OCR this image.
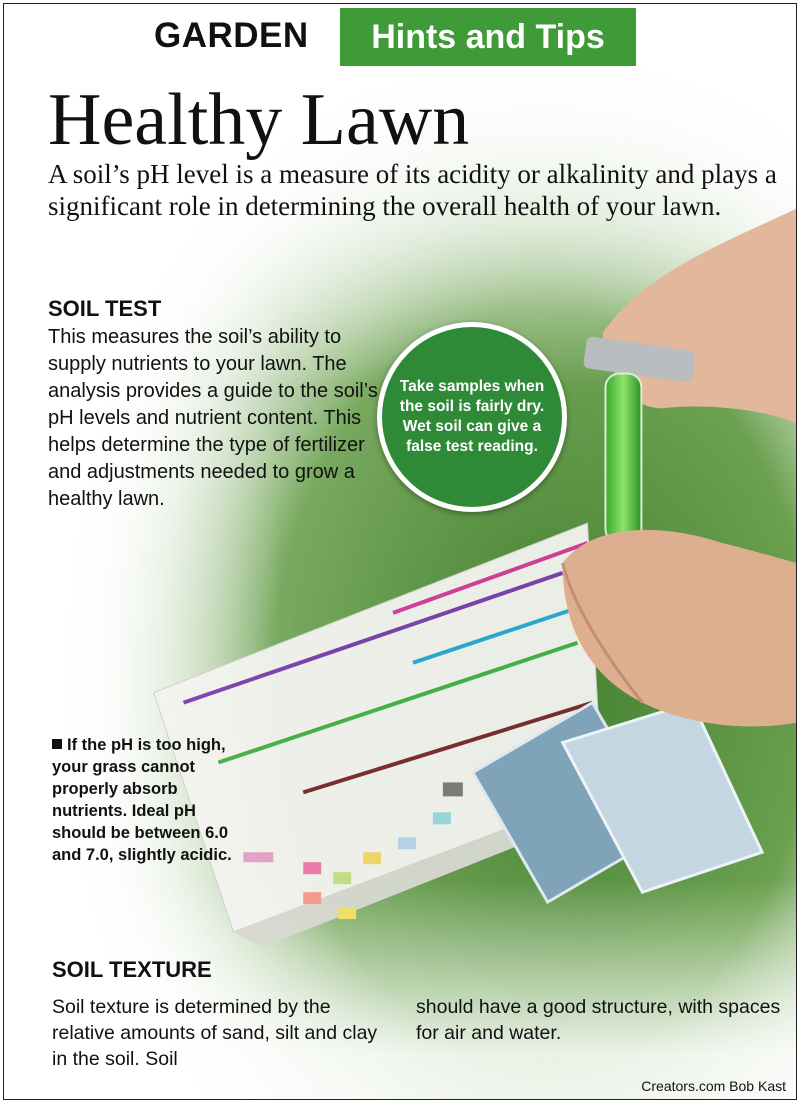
GARDEN	Hints and Tips
Healthy Lawn
A soil’s pH level is a measure of its acidity or alkalinity and plays a significant role in determining the overall health of your lawn.
SOIL TEST
This measures the soil’s ability to supply nutrients to your lawn. The analysis provides a guide to the soil’s pH levels and nutrient content. This helps determine the type of fertilizer and adjustments needed to grow a healthy lawn.
Take samples when the soil is fairly dry. Wet soil can give a false test reading.
If the pH is too high, your grass cannot properly absorb nutrients. Ideal pH should be between 6.0 and 7.0, slightly acidic.
SOIL TEXTURE
Soil texture is determined by the relative amounts of sand, silt and clay in the soil. Soil
should have a good structure, with spaces for air and water.
Creators.com Bob Kast
